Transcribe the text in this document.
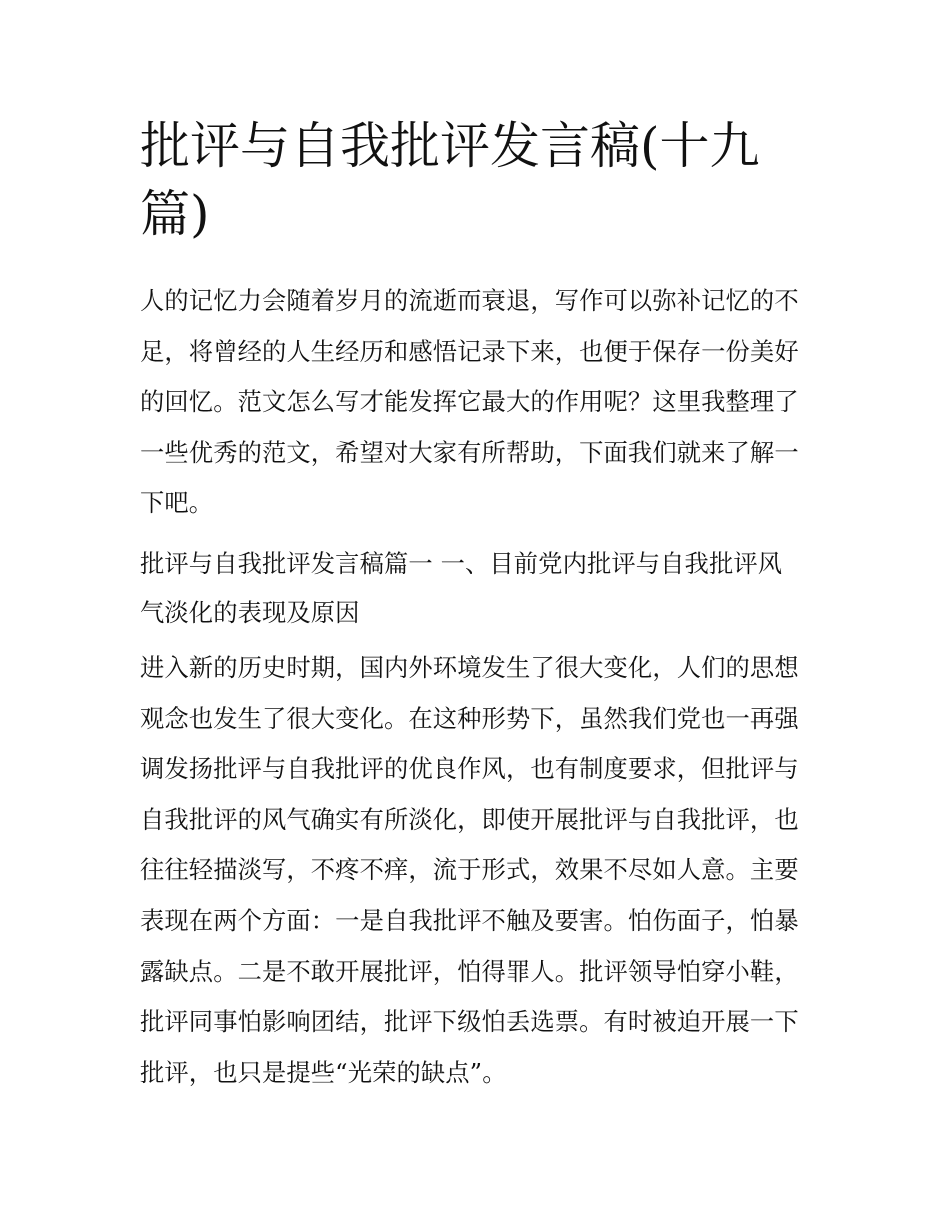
批评与自我批评发言稿(十九篇)

人的记忆力会随着岁月的流逝而衰退，写作可以弥补记忆的不足，将曾经的人生经历和感悟记录下来，也便于保存一份美好的回忆。范文怎么写才能发挥它最大的作用呢？这里我整理了一些优秀的范文，希望对大家有所帮助，下面我们就来了解一下吧。

批评与自我批评发言稿篇一 一、目前党内批评与自我批评风气淡化的表现及原因

进入新的历史时期，国内外环境发生了很大变化，人们的思想观念也发生了很大变化。在这种形势下，虽然我们党也一再强调发扬批评与自我批评的优良作风，也有制度要求，但批评与自我批评的风气确实有所淡化，即使开展批评与自我批评，也往往轻描淡写，不疼不痒，流于形式，效果不尽如人意。主要表现在两个方面：一是自我批评不触及要害。怕伤面子，怕暴露缺点。二是不敢开展批评，怕得罪人。批评领导怕穿小鞋，批评同事怕影响团结，批评下级怕丢选票。有时被迫开展一下批评，也只是提些“光荣的缺点”。
